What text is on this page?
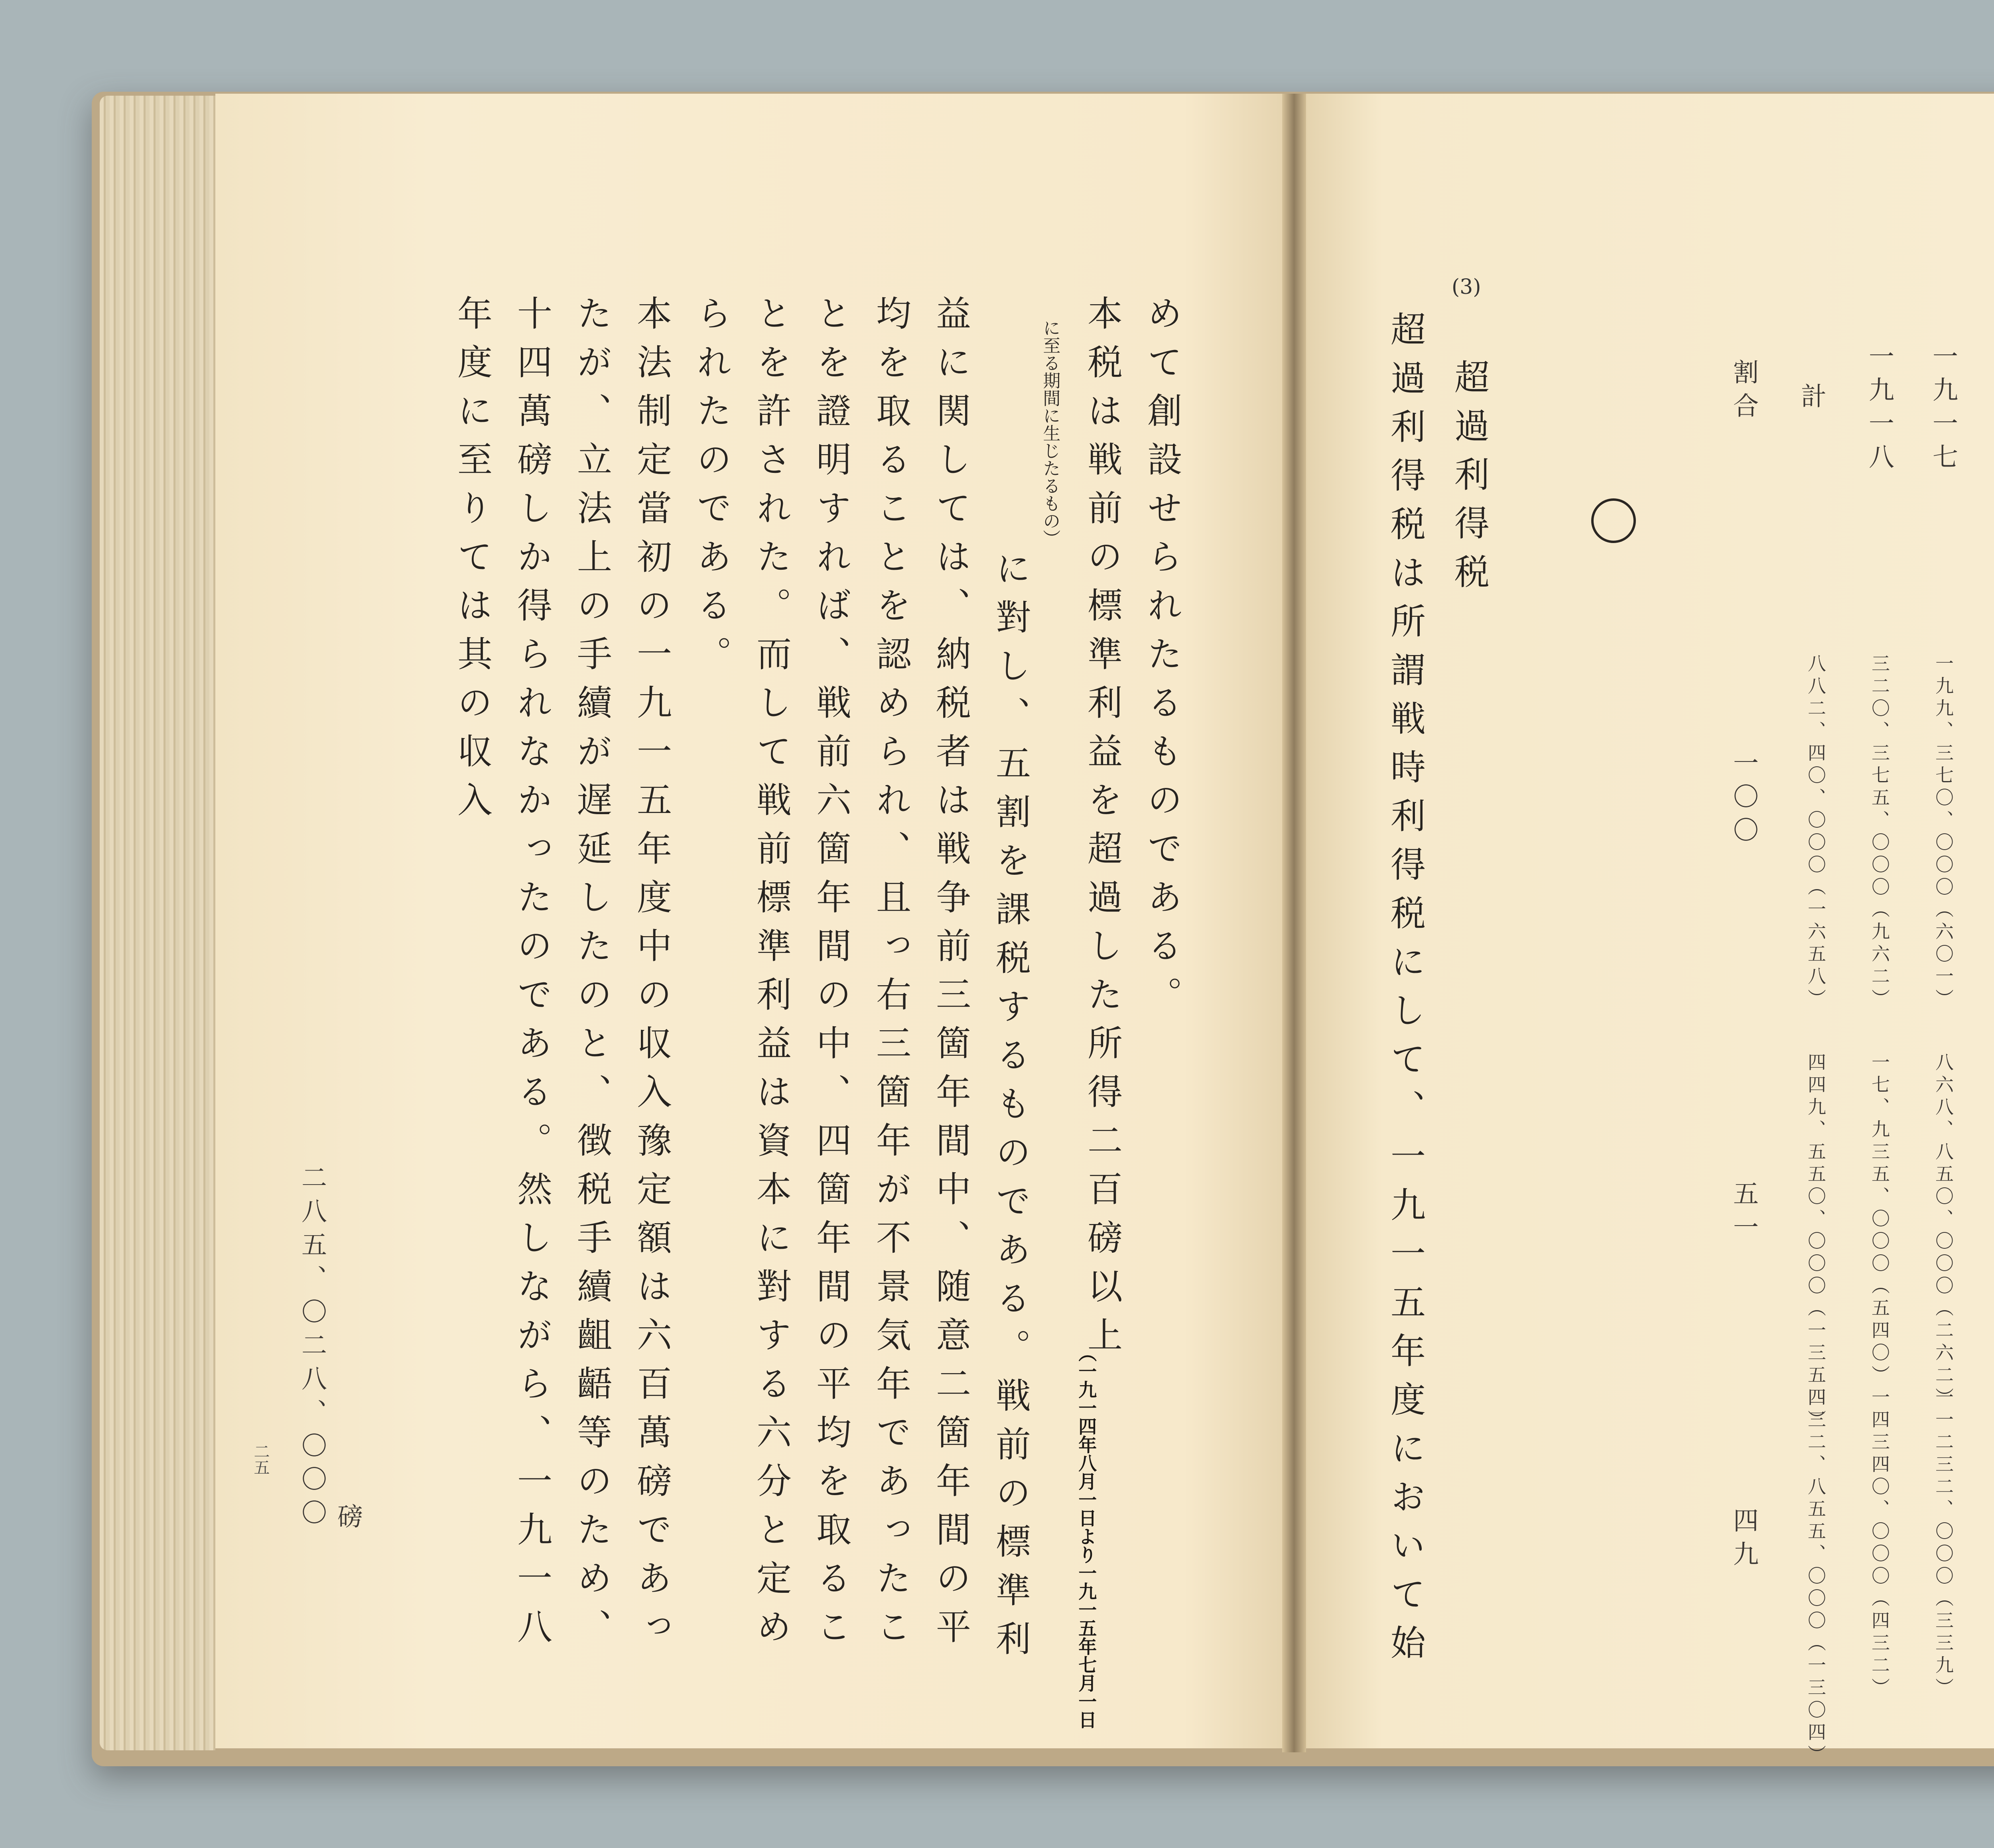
めて創設せられたるものである。
本税は戦前の標準利益を超過した所得二百磅以上
に至る期間に生じたるもの）
に對し、五割を課税するものである。戦前の標準利 （一九一四年八月一日より一九一五年七月一日
益に関しては、納税者は戦争前三箇年間中、随意二箇年間の平
均を取ることを認められ、且っ右三箇年が不景気年であったこ
とを證明すれば、戦前六箇年間の中、四箇年間の平均を取るこ
とを許された。而して戦前標準利益は資本に對する六分と定め
られたのである。
本法制定當初の一九一五年度中の収入豫定額は六百萬磅であっ
たが、立法上の手續が遅延したのと、徴税手續齟齬等のため、
十四萬磅しか得られなかったのである。然しながら、一九一八
年度に至りては其の収入
二八五、〇二八、〇〇〇 磅
二五
一九一七
一九九、三七〇、〇〇〇（六〇一）
八六八、八五〇、〇〇〇（二六二）
一一二三二、〇〇〇（三三九）
一九一八
三二〇、三七五、〇〇〇（九六二）
一七、九三五、〇〇〇（五四〇）
一四三四〇、〇〇〇（四三二）
計
八八二、四〇、〇〇〇（一六五八）
四四九、五五〇、〇〇〇（一三五四）
四三二、八五五、〇〇〇（一三〇四）
割合
一〇〇
五一
四九
(3)
超過利得税
超過利得税は所謂戦時利得税にして、一九一五年度において始
